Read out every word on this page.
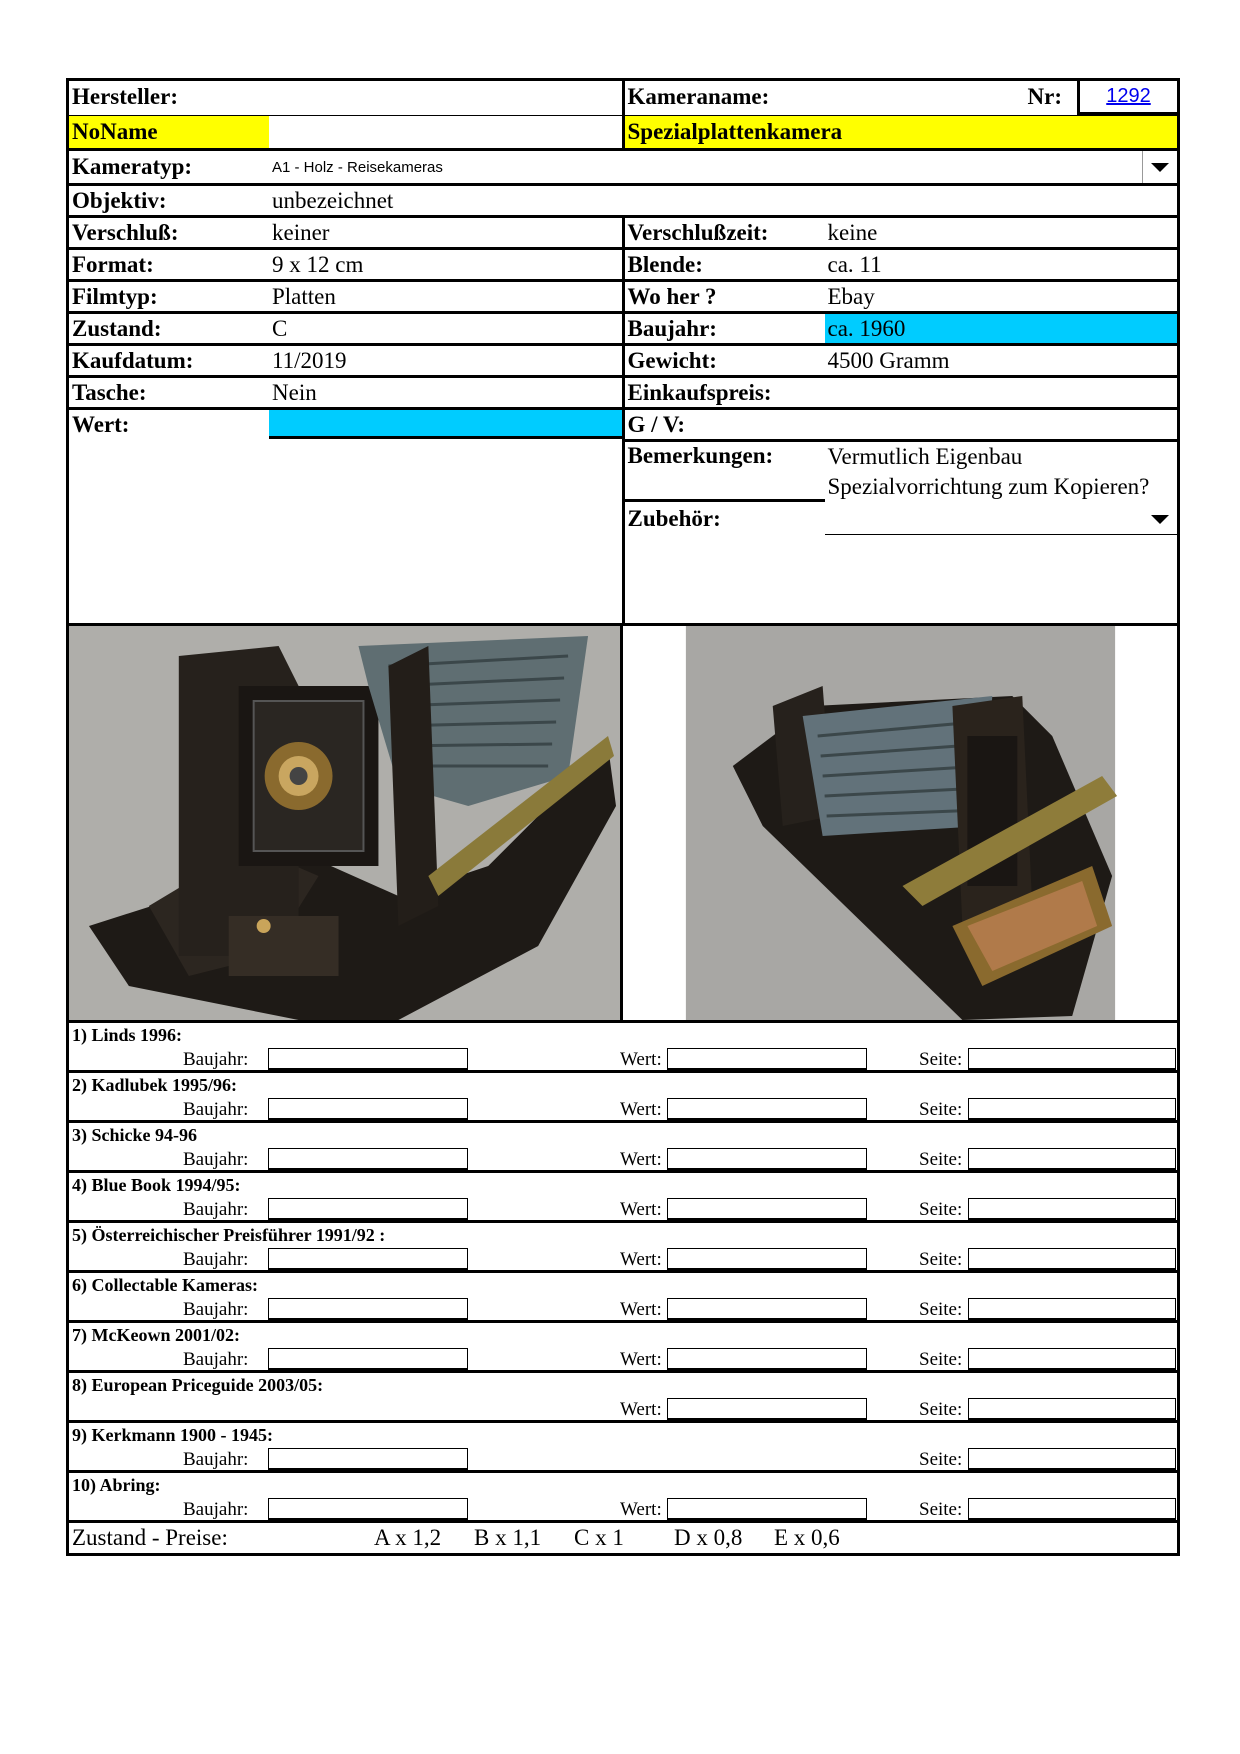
Hersteller:	Kameraname:	Nr:	1292
NoName	Spezialplattenkamera
Kameratyp:	A1 - Holz - Reisekameras
Objektiv:	unbezeichnet
Verschluß:	keiner	Verschlußzeit:	keine
Format:	9 x 12 cm	Blende:	ca. 11
Filmtyp:	Platten	Wo her ?	Ebay
Zustand:	C	Baujahr:	ca. 1960
Kaufdatum:	11/2019	Gewicht:	4500 Gramm
Tasche:	Nein	Einkaufspreis:
Wert:	G / V:
Bemerkungen:	Vermutlich Eigenbau
Spezialvorrichtung zum Kopieren?
Zubehör:
1) Linds 1996:
Baujahr:	Wert:	Seite:
2) Kadlubek 1995/96:
Baujahr:	Wert:	Seite:
3) Schicke 94-96
Baujahr:	Wert:	Seite:
4) Blue Book 1994/95:
Baujahr:	Wert:	Seite:
5) Österreichischer Preisführer 1991/92 :
Baujahr:	Wert:	Seite:
6) Collectable Kameras:
Baujahr:	Wert:	Seite:
7) McKeown 2001/02:
Baujahr:	Wert:	Seite:
8) European Priceguide 2003/05:
Wert:	Seite:
9) Kerkmann 1900 - 1945:
Baujahr:	Seite:
10) Abring:
Baujahr:	Wert:	Seite:
Zustand - Preise:	A x 1,2 B x 1,1 C x 1 D x 0,8 E x 0,6
